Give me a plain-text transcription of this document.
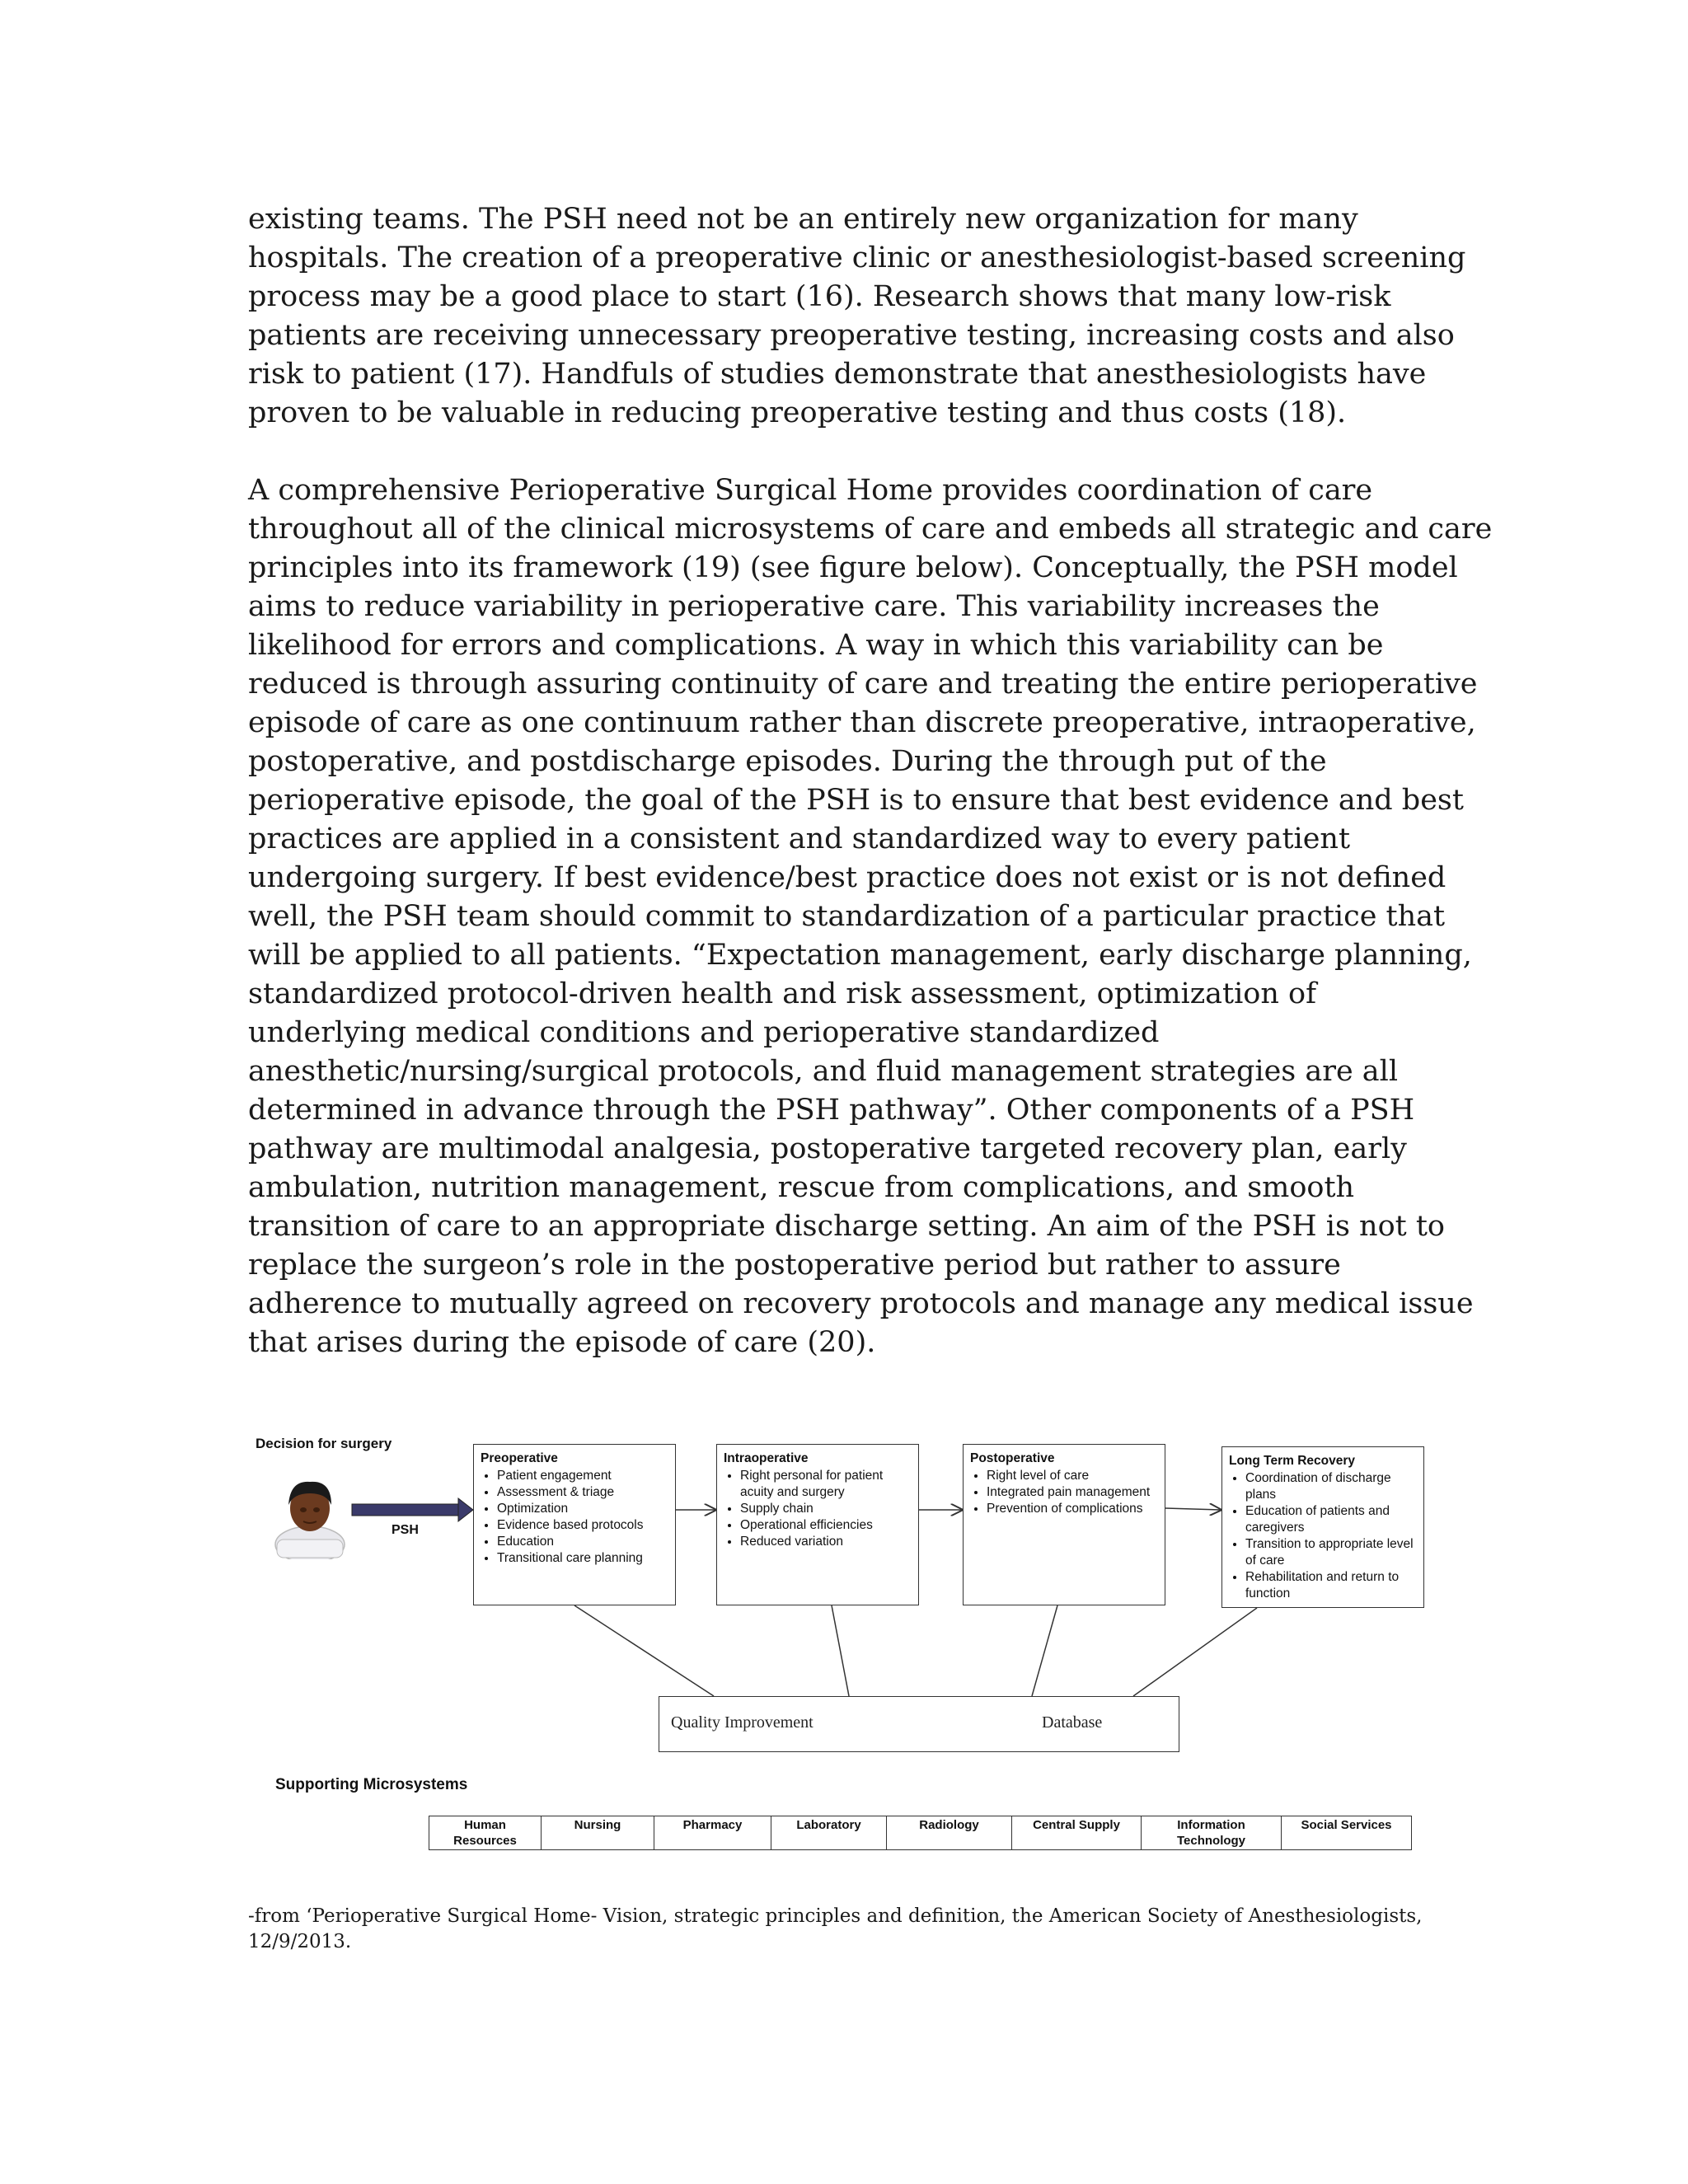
existing teams. The PSH need not be an entirely new organization for many
hospitals. The creation of a preoperative clinic or anesthesiologist-based screening
process may be a good place to start (16). Research shows that many low-risk
patients are receiving unnecessary preoperative testing, increasing costs and also
risk to patient (17). Handfuls of studies demonstrate that anesthesiologists have
proven to be valuable in reducing preoperative testing and thus costs (18).

A comprehensive Perioperative Surgical Home provides coordination of care
throughout all of the clinical microsystems of care and embeds all strategic and care
principles into its framework (19) (see figure below). Conceptually, the PSH model
aims to reduce variability in perioperative care. This variability increases the
likelihood for errors and complications. A way in which this variability can be
reduced is through assuring continuity of care and treating the entire perioperative
episode of care as one continuum rather than discrete preoperative, intraoperative,
postoperative, and postdischarge episodes. During the through put of the
perioperative episode, the goal of the PSH is to ensure that best evidence and best
practices are applied in a consistent and standardized way to every patient
undergoing surgery. If best evidence/best practice does not exist or is not defined
well, the PSH team should commit to standardization of a particular practice that
will be applied to all patients. “Expectation management, early discharge planning,
standardized protocol-driven health and risk assessment, optimization of
underlying medical conditions and perioperative standardized
anesthetic/nursing/surgical protocols, and fluid management strategies are all
determined in advance through the PSH pathway”. Other components of a PSH
pathway are multimodal analgesia, postoperative targeted recovery plan, early
ambulation, nutrition management, rescue from complications, and smooth
transition of care to an appropriate discharge setting. An aim of the PSH is not to
replace the surgeon’s role in the postoperative period but rather to assure
adherence to mutually agreed on recovery protocols and manage any medical issue
that arises during the episode of care (20).

Decision for surgery
PSH
Preoperative
• Patient engagement
• Assessment & triage
• Optimization
• Evidence based protocols
• Education
• Transitional care planning
Intraoperative
• Right personal for patient acuity and surgery
• Supply chain
• Operational efficiencies
• Reduced variation
Postoperative
• Right level of care
• Integrated pain management
• Prevention of complications
Long Term Recovery
• Coordination of discharge plans
• Education of patients and caregivers
• Transition to appropriate level of care
• Rehabilitation and return to function
Quality Improvement	Database
Supporting Microsystems
Human Resources	Nursing	Pharmacy	Laboratory	Radiology	Central Supply	Information Technology	Social Services
-from ‘Perioperative Surgical Home- Vision, strategic principles and definition, the American Society of Anesthesiologists,
12/9/2013.
